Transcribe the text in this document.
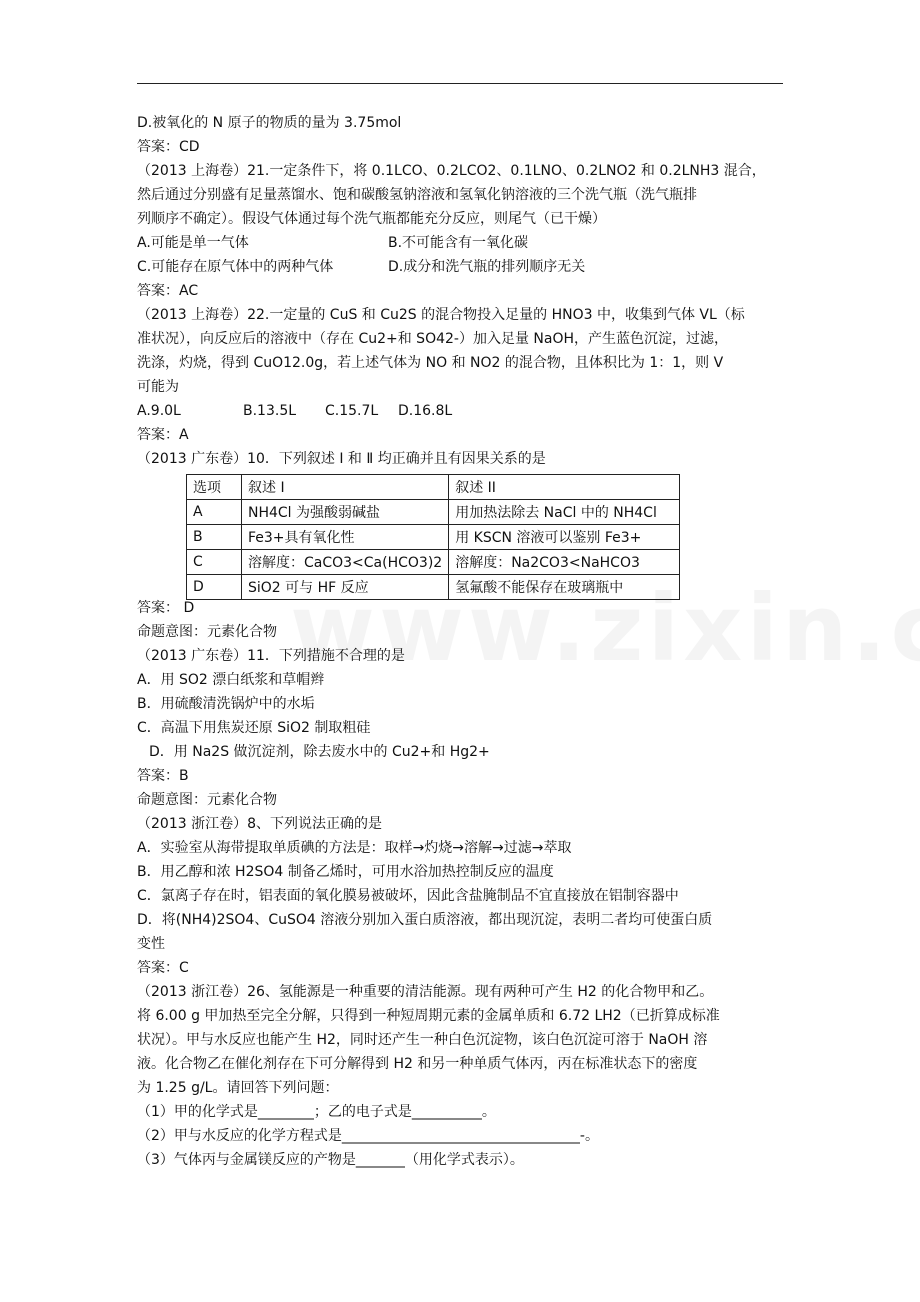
D.被氧化的 N 原子的物质的量为 3.75mol
答案：CD
（2013 上海卷）21.一定条件下，将 0.1LCO、0.2LCO2、0.1LNO、0.2LNO2 和 0.2LNH3 混合，
然后通过分别盛有足量蒸馏水、饱和碳酸氢钠溶液和氢氧化钠溶液的三个洗气瓶（洗气瓶排
列顺序不确定）。假设气体通过每个洗气瓶都能充分反应，则尾气（已干燥）
A.可能是单一气体	B.不可能含有一氧化碳
C.可能存在原气体中的两种气体	D.成分和洗气瓶的排列顺序无关
答案：AC
（2013 上海卷）22.一定量的 CuS 和 Cu2S 的混合物投入足量的 HNO3 中，收集到气体 VL（标
准状况），向反应后的溶液中（存在 Cu2+和 SO42-）加入足量 NaOH，产生蓝色沉淀，过滤，
洗涤，灼烧，得到 CuO12.0g，若上述气体为 NO 和 NO2 的混合物，且体积比为 1：1，则 V
可能为
A.9.0L	B.13.5L C.15.7L D.16.8L
答案：A
（2013 广东卷）10．下列叙述 Ⅰ 和 Ⅱ 均正确并且有因果关系的是
选项	叙述 I	叙述 II
A	NH4Cl 为强酸弱碱盐	用加热法除去 NaCl 中的 NH4Cl
B	Fe3+具有氧化性	用 KSCN 溶液可以鉴别 Fe3+
C	溶解度：CaCO3<Ca(HCO3)2	溶解度：Na2CO3<NaHCO3
D	SiO2 可与 HF 反应	氢氟酸不能保存在玻璃瓶中
答案： D
命题意图：元素化合物
（2013 广东卷）11．下列措施不合理的是
A．用 SO2 漂白纸浆和草帽辫
B．用硫酸清洗锅炉中的水垢
C．高温下用焦炭还原 SiO2 制取粗硅
D．用 Na2S 做沉淀剂，除去废水中的 Cu2+和 Hg2+
答案：B
命题意图：元素化合物
（2013 浙江卷）8、下列说法正确的是
A．实验室从海带提取单质碘的方法是：取样→灼烧→溶解→过滤→萃取
B．用乙醇和浓 H2SO4 制备乙烯时，可用水浴加热控制反应的温度
C．氯离子存在时，铝表面的氧化膜易被破坏，因此含盐腌制品不宜直接放在铝制容器中
D．将(NH4)2SO4、CuSO4 溶液分别加入蛋白质溶液，都出现沉淀，表明二者均可使蛋白质
变性
答案：C
（2013 浙江卷）26、氢能源是一种重要的清洁能源。现有两种可产生 H2 的化合物甲和乙。
将 6.00 g 甲加热至完全分解，只得到一种短周期元素的金属单质和 6.72 LH2（已折算成标准
状况）。甲与水反应也能产生 H2，同时还产生一种白色沉淀物，该白色沉淀可溶于 NaOH 溶
液。化合物乙在催化剂存在下可分解得到 H2 和另一种单质气体丙，丙在标准状态下的密度
为 1.25 g/L。请回答下列问题：
（1）甲的化学式是________；乙的电子式是__________。
（2）甲与水反应的化学方程式是__________________________________-。
（3）气体丙与金属镁反应的产物是_______（用化学式表示）。
